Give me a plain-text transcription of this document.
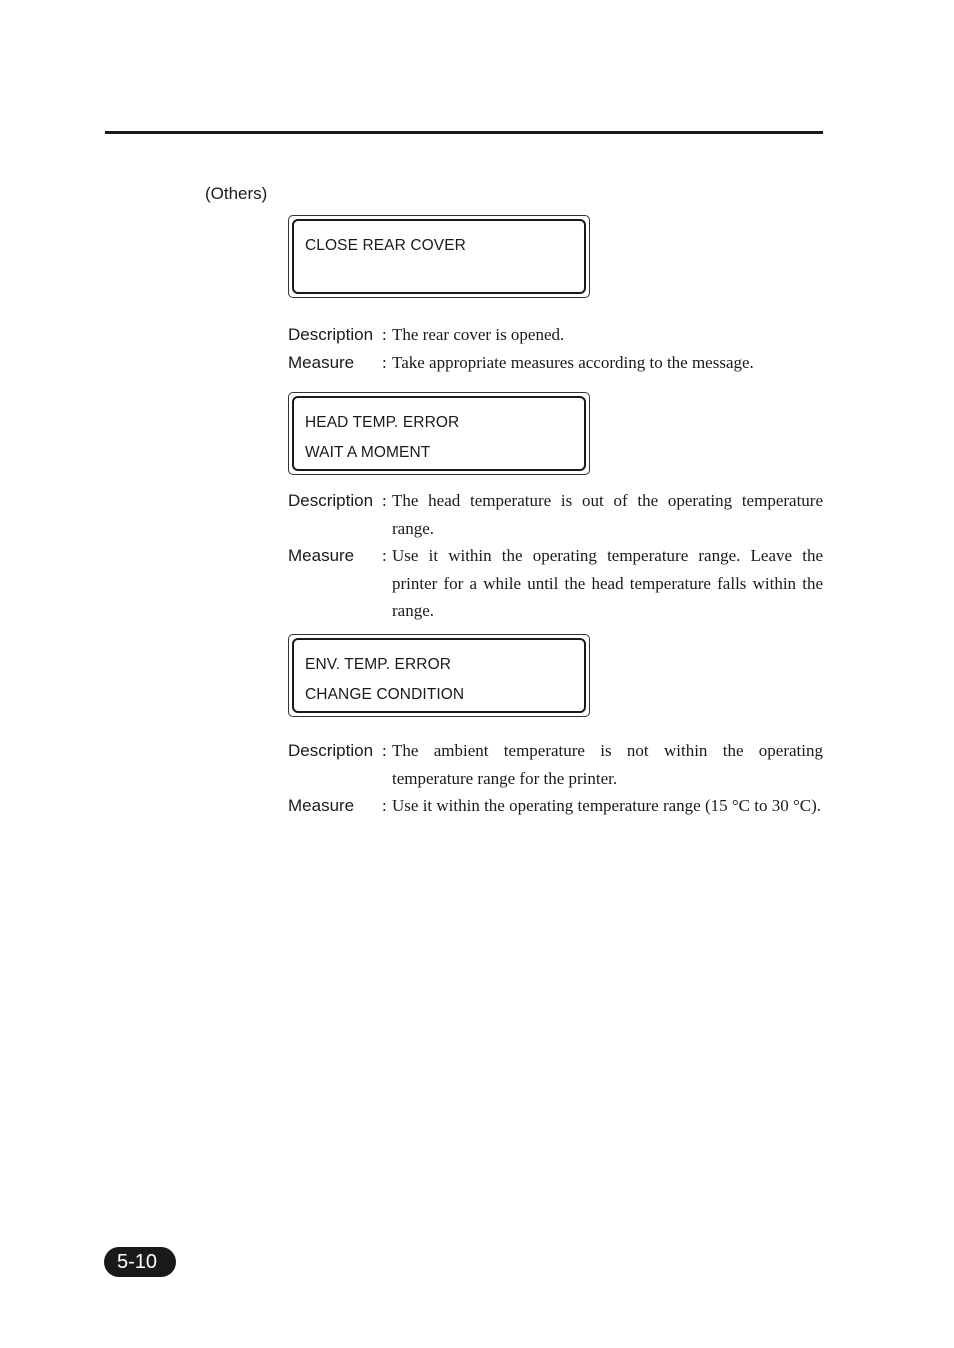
(Others)
CLOSE REAR COVER
Description : The rear cover is opened.
Measure	: Take appropriate measures according to the message.
HEAD TEMP. ERROR
WAIT A MOMENT
Description : The head temperature is out of the operating temperature range.
Measure	: Use it within the operating temperature range. Leave the printer for a while until the head temperature falls within the range.
ENV. TEMP. ERROR
CHANGE CONDITION
Description : The ambient temperature is not within the operating temperature range for the printer.
Measure	: Use it within the operating temperature range (15 °C to 30 °C).
5-10
